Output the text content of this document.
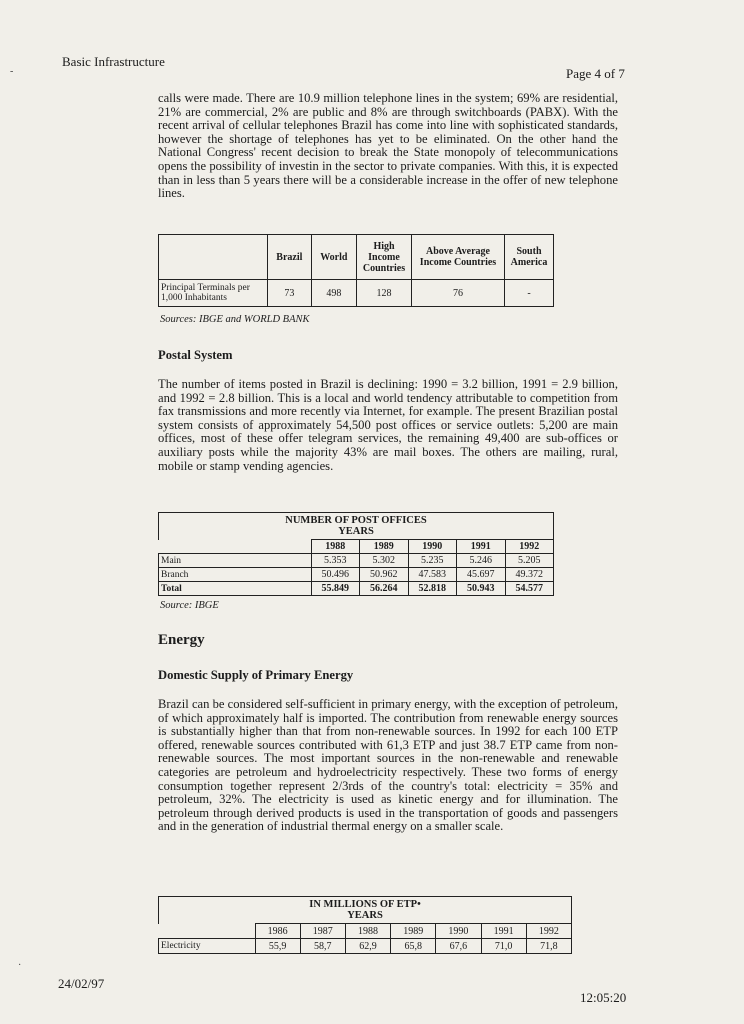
-
·
Basic Infrastructure
Page 4 of 7

calls were made. There are 10.9 million telephone lines in the system; 69% are residential, 21% are commercial, 2% are public and 8% are through switchboards (PABX). With the recent arrival of cellular telephones Brazil has come into line with sophisticated standards, however the shortage of telephones has yet to be eliminated. On the other hand the National Congress' recent decision to break the State monopoly of telecommunications opens the possibility of investin in the sector to private companies. With this, it is expected than in less than 5 years there will be a considerable increase in the offer of new telephone lines.

	Brazil	World	High Income Countries	Above Average Income Countries	South America
Principal Terminals per 1,000 Inhabitants	73	498	128	76	-
Sources: IBGE and WORLD BANK
Postal System

The number of items posted in Brazil is declining: 1990 = 3.2 billion, 1991 = 2.9 billion, and 1992 = 2.8 billion. This is a local and world tendency attributable to competition from fax transmissions and more recently via Internet, for example. The present Brazilian postal system consists of approximately 54,500 post offices or service outlets: 5,200 are main offices, most of these offer telegram services, the remaining 49,400 are sub-offices or auxiliary posts while the majority 43% are mail boxes. The others are mailing, rural, mobile or stamp vending agencies.

NUMBER OF POST OFFICES
YEARS					

	1988	1989	1990	1991	1992
Main	5.353	5.302	5.235	5.246	5.205
Branch	50.496	50.962	47.583	45.697	49.372
Total	55.849	56.264	52.818	50.943	54.577
Source: IBGE
Energy
Domestic Supply of Primary Energy

Brazil can be considered self-sufficient in primary energy, with the exception of petroleum, of which approximately half is imported. The contribution from renewable energy sources is substantially higher than that from non-renewable sources. In 1992 for each 100 ETP offered, renewable sources contributed with 61,3 ETP and just 38.7 ETP came from non-renewable sources. The most important sources in the non-renewable and renewable categories are petroleum and hydroelectricity respectively. These two forms of energy consumption together represent 2/3rds of the country's total: electricity = 35% and petroleum, 32%. The electricity is used as kinetic energy and for illumination. The petroleum through derived products is used in the transportation of goods and passengers and in the generation of industrial thermal energy on a smaller scale.

IN MILLIONS OF ETP•
YEARS							

	1986	1987	1988	1989	1990	1991	1992
Electricity	55,9	58,7	62,9	65,8	67,6	71,0	71,8
24/02/97
12:05:20
